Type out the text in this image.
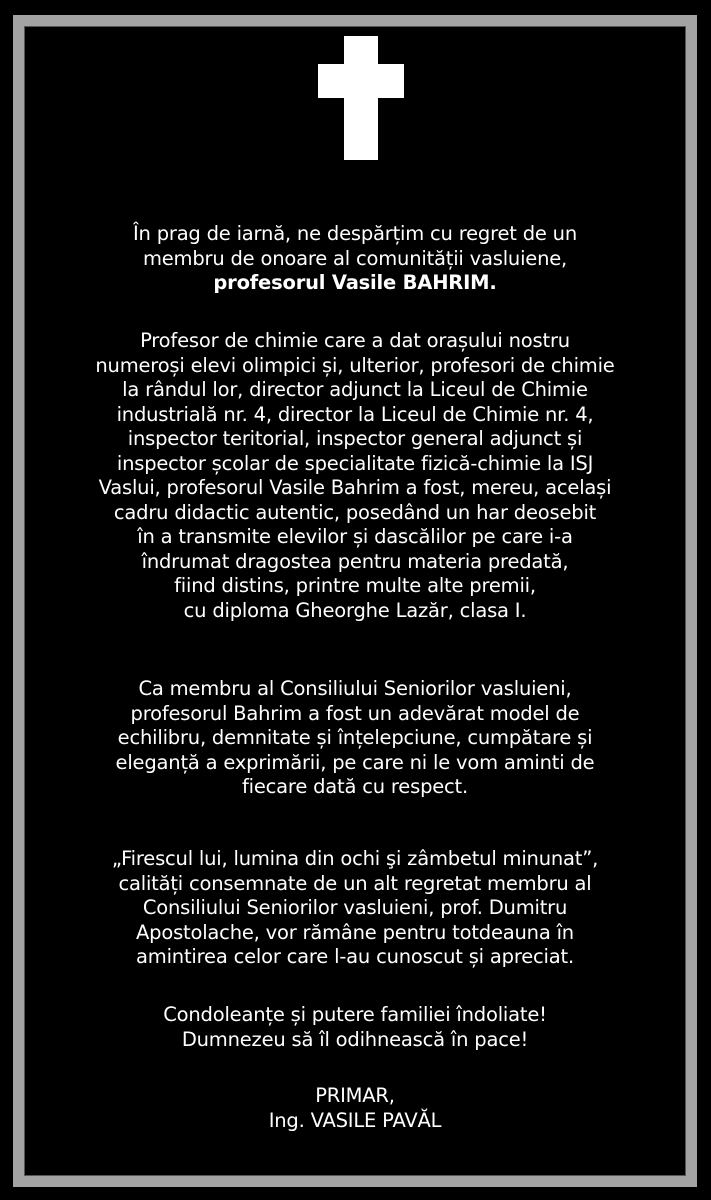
În prag de iarnă, ne despărțim cu regret de un
membru de onoare al comunității vasluiene,
profesorul Vasile BAHRIM.
Profesor de chimie care a dat orașului nostru
numeroși elevi olimpici și, ulterior, profesori de chimie
la rândul lor, director adjunct la Liceul de Chimie
industrială nr. 4, director la Liceul de Chimie nr. 4,
inspector teritorial, inspector general adjunct și
inspector școlar de specialitate fizică-chimie la ISJ
Vaslui, profesorul Vasile Bahrim a fost, mereu, același
cadru didactic autentic, posedând un har deosebit
în a transmite elevilor și dascălilor pe care i-a
îndrumat dragostea pentru materia predată,
fiind distins, printre multe alte premii,
cu diploma Gheorghe Lazăr, clasa I.
Ca membru al Consiliului Seniorilor vasluieni,
profesorul Bahrim a fost un adevărat model de
echilibru, demnitate și înțelepciune, cumpătare și
eleganță a exprimării, pe care ni le vom aminti de
fiecare dată cu respect.
„Firescul lui, lumina din ochi şi zâmbetul minunat”,
calități consemnate de un alt regretat membru al
Consiliului Seniorilor vasluieni, prof. Dumitru
Apostolache, vor rămâne pentru totdeauna în
amintirea celor care l-au cunoscut și apreciat.
Condoleanțe și putere familiei îndoliate!
Dumnezeu să îl odihnească în pace!
PRIMAR,
Ing. VASILE PAVĂL
